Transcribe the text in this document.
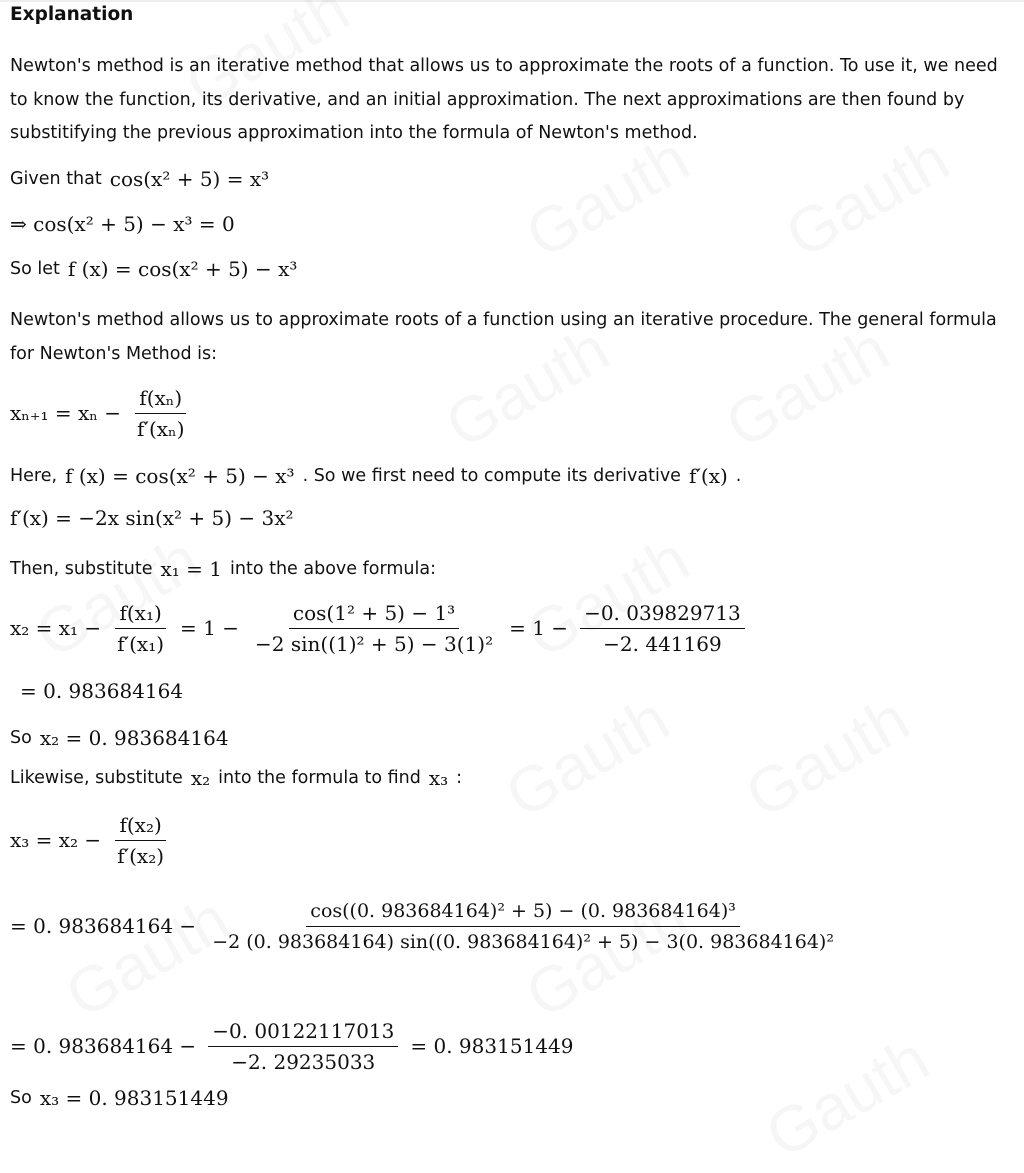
Explanation
Newton's method is an iterative method that allows us to approximate the roots of a function. To use it, we need to know the function, its derivative, and an initial approximation. The next approximations are then found by substitifying the previous approximation into the formula of Newton's method.
Given that cos(x² + 5) = x³
⇒ cos(x² + 5) − x³ = 0
So let f (x) = cos(x² + 5) − x³
Newton's method allows us to approximate roots of a function using an iterative procedure. The general formula for Newton's Method is:
$x_{n+1} = x_n - \frac{\text{f(xₙ)}}{\text{f′(xₙ)}}$
Here, f (x) = cos(x² + 5) − x³ . So we first need to compute its derivative f′(x) .
f′(x) = −2x sin(x² + 5) − 3x²
Then, substitute x₁ = 1 into the above formula:
$x_2 = x_1 - \frac{\text{f(x₁)}}{\text{f′(x₁)}} = 1 - \frac{\text{cos(1² + 5) − 1³}}{\text{−2 sin((1)² + 5) − 3(1)²}} = 1 - \frac{-0. 039829713}{-2. 441169}$
= 0. 983684164
So x₂ = 0. 983684164
Likewise, substitute x₂ into the formula to find x₃ :
$x_3 = x_2 - \frac{\text{f(x₂)}}{\text{f′(x₂)}}$
= 0. 983684164 −
cos((0. 983684164)² + 5) − (0. 983684164)³
−2 (0. 983684164) sin((0. 983684164)² + 5) − 3(0. 983684164)²
= 0. $983684164 - \frac{-0. 00122117013}{-2. 29235033} = 0$. 983151449
So x₃ = 0. 983151449
